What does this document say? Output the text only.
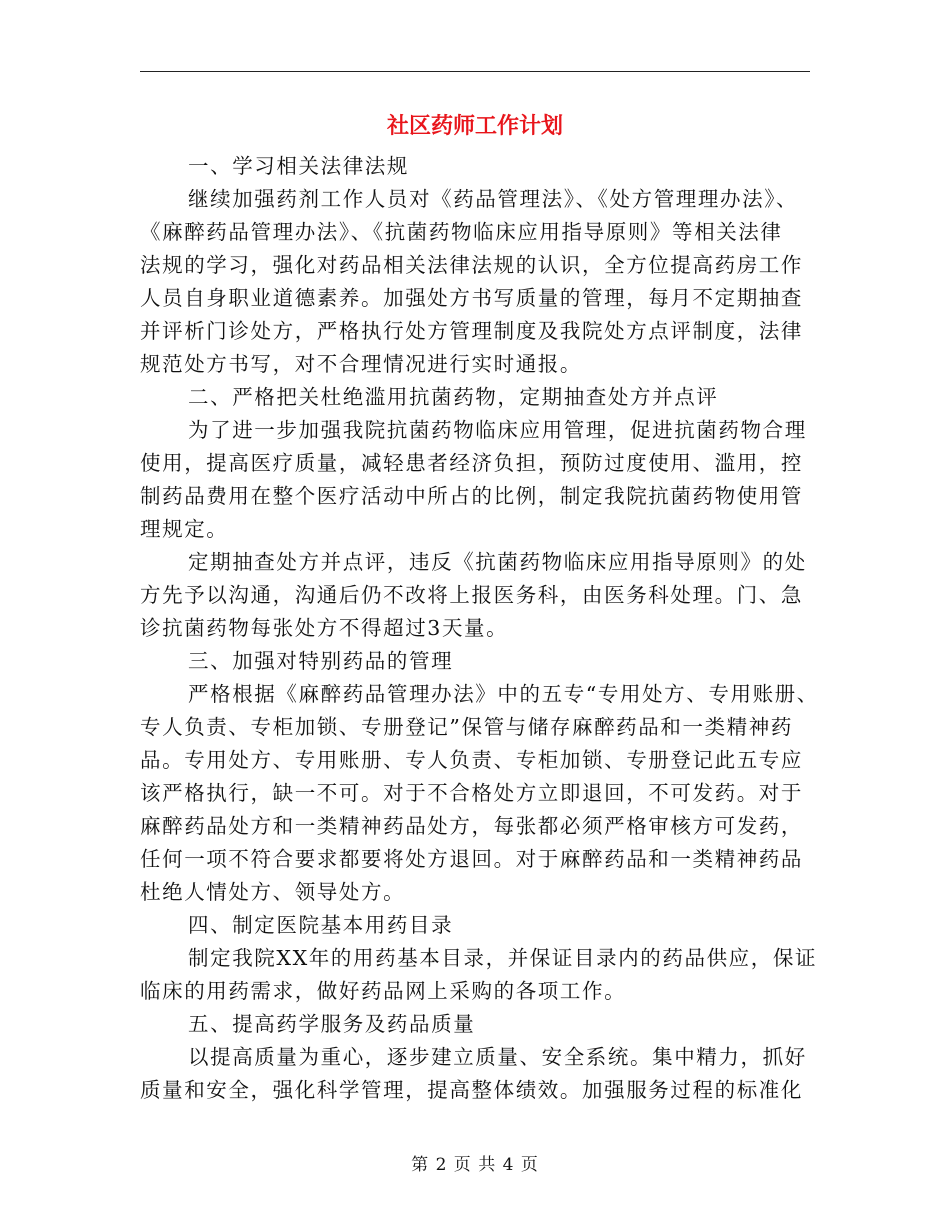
社区药师工作计划
一、学习相关法律法规
继续加强药剂工作人员对《药品管理法》、《处方管理理办法》、
《麻醉药品管理办法》、《抗菌药物临床应用指导原则》等相关法律
法规的学习，强化对药品相关法律法规的认识，全方位提高药房工作
人员自身职业道德素养。加强处方书写质量的管理，每月不定期抽查
并评析门诊处方，严格执行处方管理制度及我院处方点评制度，法律
规范处方书写，对不合理情况进行实时通报。
二、严格把关杜绝滥用抗菌药物，定期抽查处方并点评
为了进一步加强我院抗菌药物临床应用管理，促进抗菌药物合理
使用，提高医疗质量，减轻患者经济负担，预防过度使用、滥用，控
制药品费用在整个医疗活动中所占的比例，制定我院抗菌药物使用管
理规定。
定期抽查处方并点评，违反《抗菌药物临床应用指导原则》的处
方先予以沟通，沟通后仍不改将上报医务科，由医务科处理。门、急
诊抗菌药物每张处方不得超过3天量。
三、加强对特别药品的管理
严格根据《麻醉药品管理办法》中的五专“专用处方、专用账册、
专人负责、专柜加锁、专册登记”保管与储存麻醉药品和一类精神药
品。专用处方、专用账册、专人负责、专柜加锁、专册登记此五专应
该严格执行，缺一不可。对于不合格处方立即退回，不可发药。对于
麻醉药品处方和一类精神药品处方，每张都必须严格审核方可发药，
任何一项不符合要求都要将处方退回。对于麻醉药品和一类精神药品
杜绝人情处方、领导处方。
四、制定医院基本用药目录
制定我院XX年的用药基本目录，并保证目录内的药品供应，保证
临床的用药需求，做好药品网上采购的各项工作。
五、提高药学服务及药品质量
以提高质量为重心，逐步建立质量、安全系统。集中精力，抓好
质量和安全，强化科学管理，提高整体绩效。加强服务过程的标准化
第 2 页 共 4 页
